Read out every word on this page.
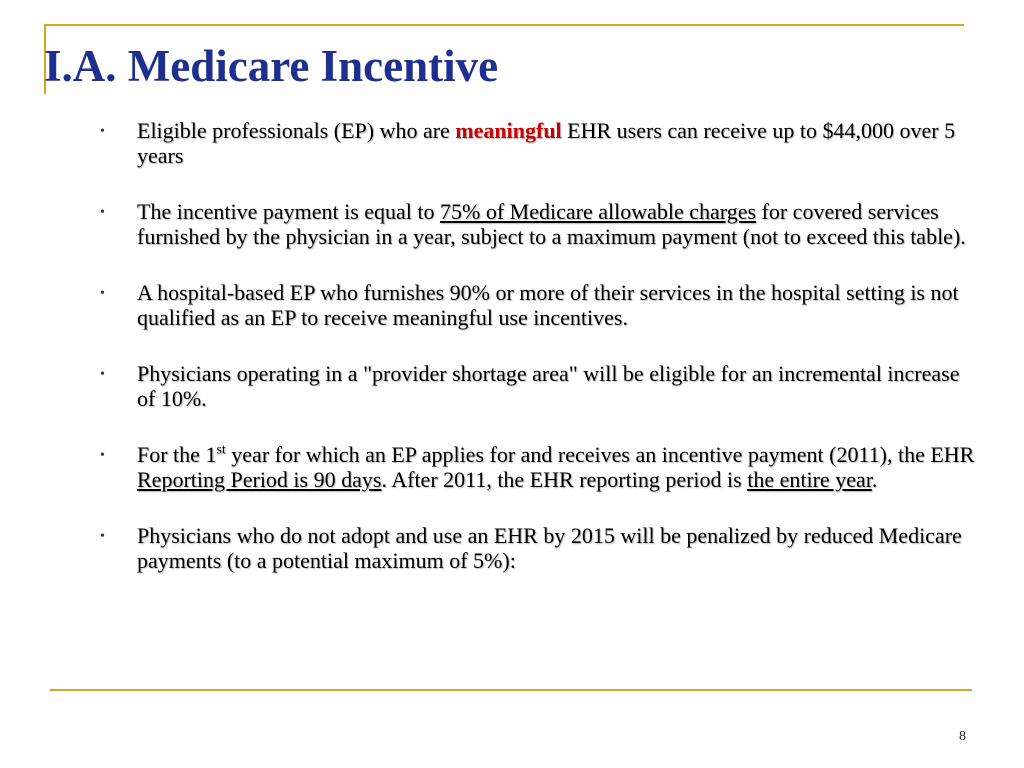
I.A. Medicare Incentive
• Eligible professionals (EP) who are meaningful EHR users can receive up to $44,000 over 5 years
• The incentive payment is equal to 75% of Medicare allowable charges for covered services furnished by the physician in a year, subject to a maximum payment (not to exceed this table).
• A hospital-based EP who furnishes 90% or more of their services in the hospital setting is not qualified as an EP to receive meaningful use incentives.
• Physicians operating in a "provider shortage area" will be eligible for an incremental increase of 10%.
• For the 1st year for which an EP applies for and receives an incentive payment (2011), the EHR Reporting Period is 90 days. After 2011, the EHR reporting period is the entire year.
• Physicians who do not adopt and use an EHR by 2015 will be penalized by reduced Medicare payments (to a potential maximum of 5%):
8
